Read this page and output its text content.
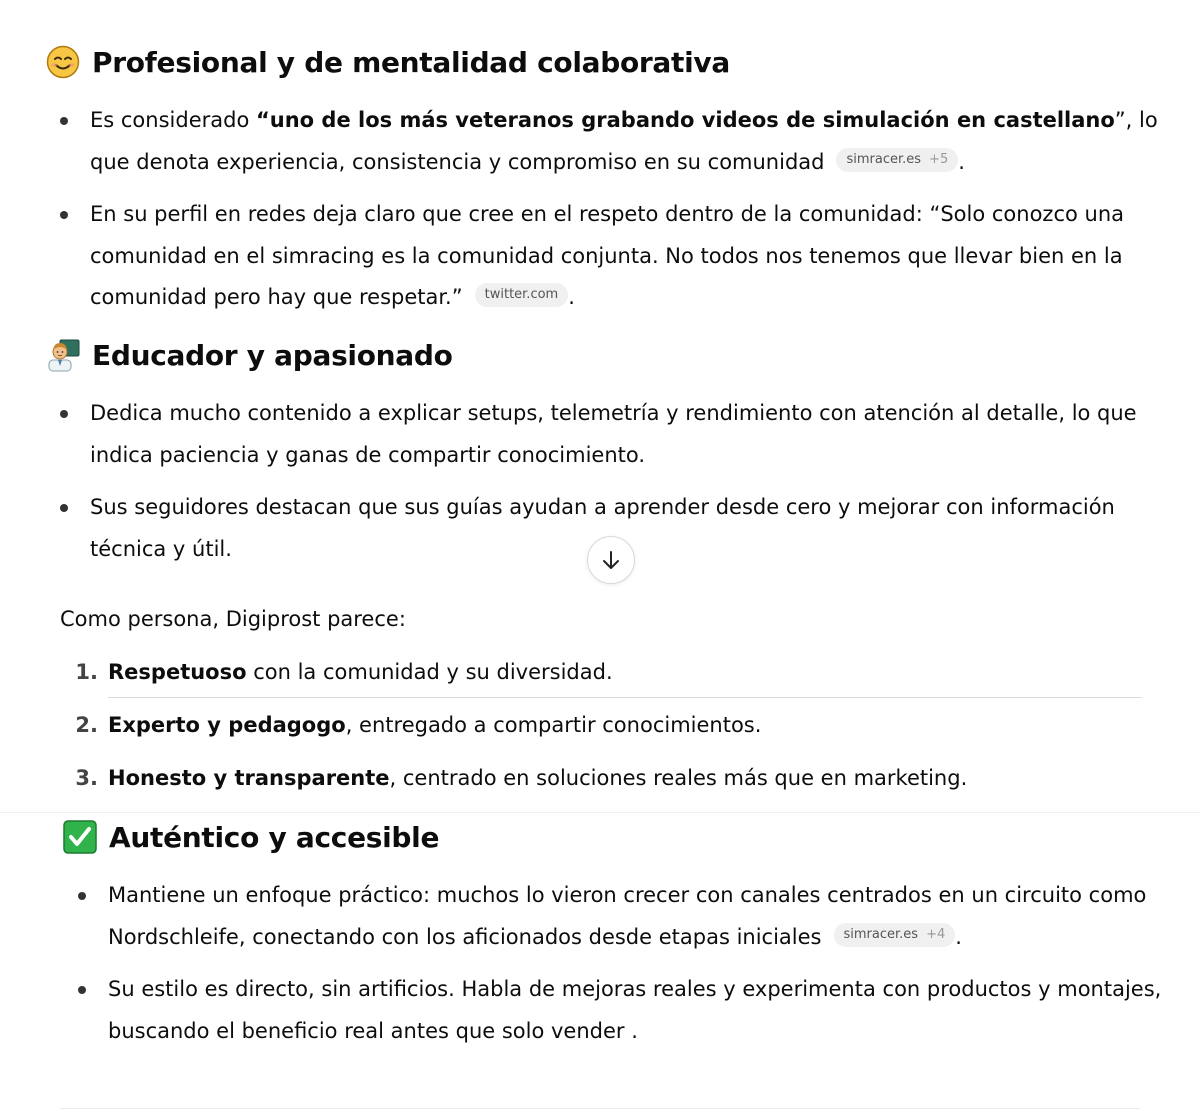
Profesional y de mentalidad colaborativa
Es considerado “uno de los más veteranos grabando videos de simulación en castellano”, lo que denota experiencia, consistencia y compromiso en su comunidad simracer.es +5 .
En su perfil en redes deja claro que cree en el respeto dentro de la comunidad: “Solo conozco una comunidad en el simracing es la comunidad conjunta. No todos nos tenemos que llevar bien en la comunidad pero hay que respetar.” twitter.com .
Educador y apasionado
Dedica mucho contenido a explicar setups, telemetría y rendimiento con atención al detalle, lo que indica paciencia y ganas de compartir conocimiento.
Sus seguidores destacan que sus guías ayudan a aprender desde cero y mejorar con información técnica y útil.

Como persona, Digiprost parece:

1. Respetuoso con la comunidad y su diversidad.
2. Experto y pedagogo, entregado a compartir conocimientos.
3. Honesto y transparente, centrado en soluciones reales más que en marketing.
Auténtico y accesible
Mantiene un enfoque práctico: muchos lo vieron crecer con canales centrados en un circuito como Nordschleife, conectando con los aficionados desde etapas iniciales simracer.es +4 .
Su estilo es directo, sin artificios. Habla de mejoras reales y experimenta con productos y montajes, buscando el beneficio real antes que solo vender .
